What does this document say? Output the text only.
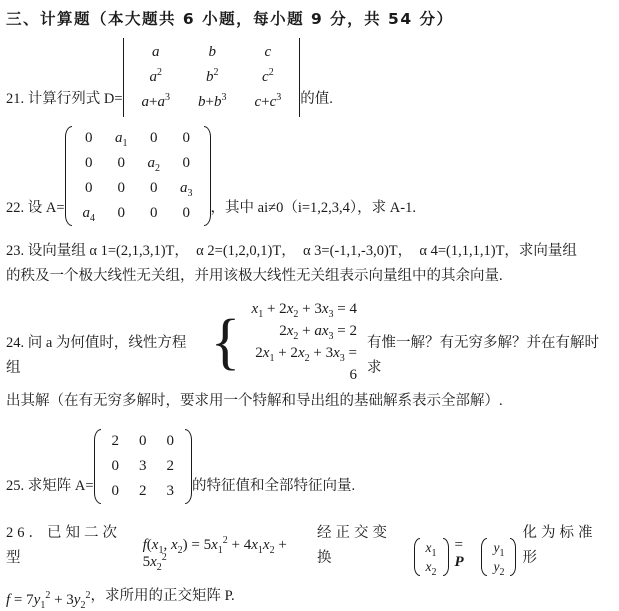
三、计算题（本大题共 6 小题，每小题 9 分，共 54 分）
21. 计算行列式 D=
a	b	c
$a^2$	$b^2$	$c^2$
$a+a^3$	$b+b^3$	$c+c^3$ 的值.
22. 设 A=
0	$a_1$	0	0
0	0	$a_2$	0
0	0	0	$a_3$
$a_4$	0	0	0 ，其中 ai≠0（i=1,2,3,4），求 A-1.
23. 设向量组 α 1=(2,1,3,1)T，  α 2=(1,2,0,1)T，  α 3=(-1,1,-3,0)T，  α 4=(1,1,1,1)T，求向量组
的秩及一个极大线性无关组，并用该极大线性无关组表示向量组中的其余向量.
24. 问 a 为何值时，线性方程组
{
$x_1 + 2x_2 + 3x_3 = 4$
$2x_2 + ax_3 = 2$
$2x_1 + 2x_2 + 3x_3 = 6$
有惟一解？有无穷多解？并在有解时求
出其解（在有无穷多解时，要求用一个特解和导出组的基础解系表示全部解）.
25. 求矩阵 A=
2	0	0
0	3	2
0	2	3 的特征值和全部特征向量.
26．已知二次型
$f(x_1$, $x_2) = 5x_1^2 + 4x_1x_2 + 5x_2^2$
经正交变换
$x_1$
$x_2$
= P
$y_1$
$y_2$
化为标准形
$f = 7y_1^2 + 3y_2^2$ ，求所用的正交矩阵 P.
